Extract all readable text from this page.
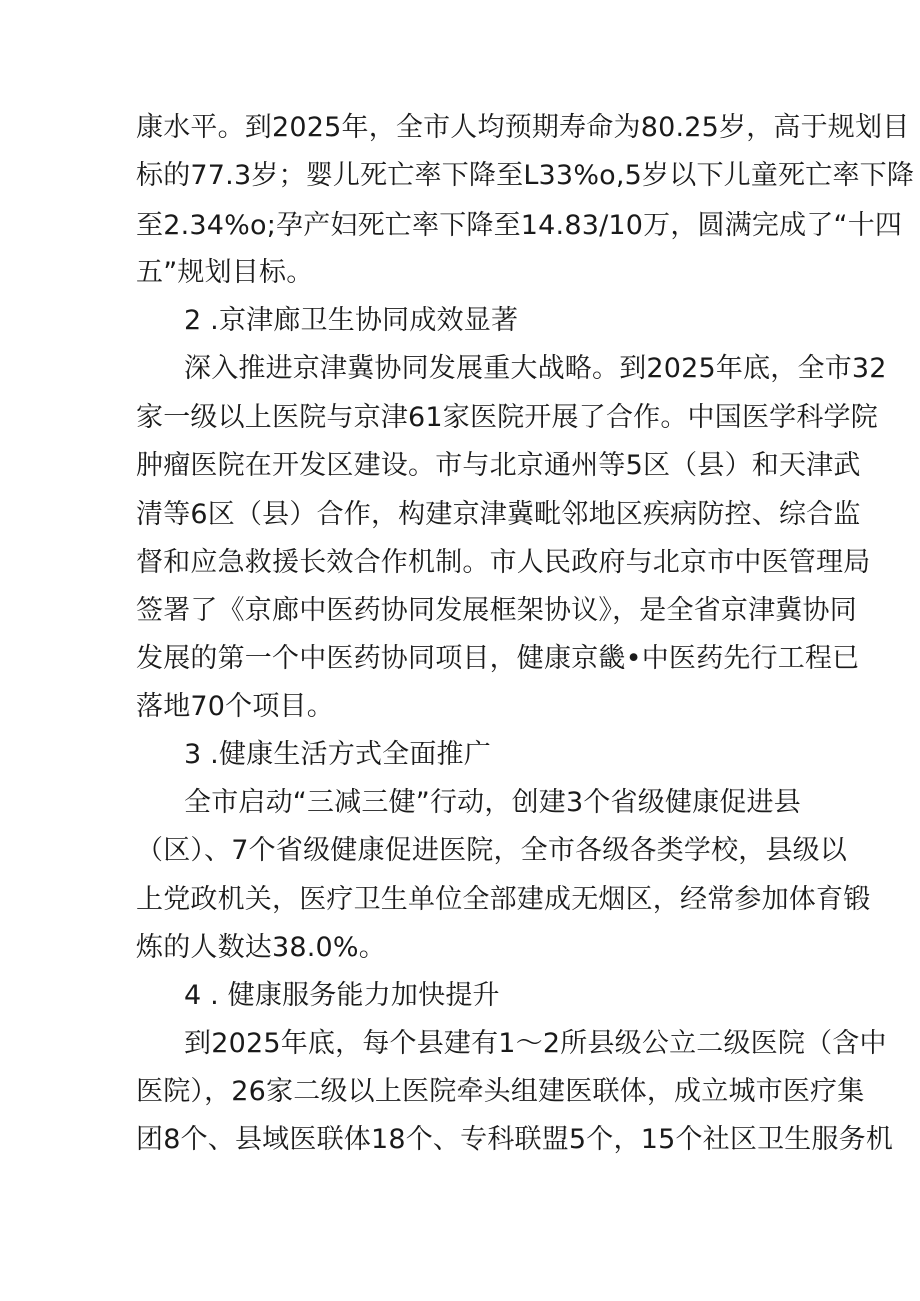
康水平。到2025年，全市人均预期寿命为80.25岁，高于规划目
标的77.3岁；婴儿死亡率下降至L33%o,5岁以下儿童死亡率下降
至2.34%o;孕产妇死亡率下降至14.83/10万，圆满完成了“十四
五”规划目标。
2 .京津廊卫生协同成效显著
深入推进京津冀协同发展重大战略。到2025年底，全市32
家一级以上医院与京津61家医院开展了合作。中国医学科学院
肿瘤医院在开发区建设。市与北京通州等5区（县）和天津武
清等6区（县）合作，构建京津冀毗邻地区疾病防控、综合监
督和应急救援长效合作机制。市人民政府与北京市中医管理局
签署了《京廊中医药协同发展框架协议》，是全省京津冀协同
发展的第一个中医药协同项目，健康京畿•中医药先行工程已
落地70个项目。
3 .健康生活方式全面推广
全市启动“三减三健”行动，创建3个省级健康促进县
（区）、7个省级健康促进医院，全市各级各类学校，县级以
上党政机关，医疗卫生单位全部建成无烟区，经常参加体育锻
炼的人数达38.0%。
4 . 健康服务能力加快提升
到2025年底，每个县建有1〜2所县级公立二级医院（含中
医院），26家二级以上医院牵头组建医联体，成立城市医疗集
团8个、县域医联体18个、专科联盟5个，15个社区卫生服务机
